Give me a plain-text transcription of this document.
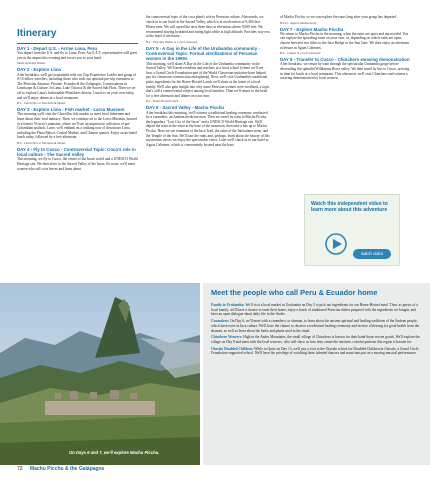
Itinerary
DAY 1 - Depart U.S. - Arrive Lima, Peru

You depart from the U.S. and fly to Lima, Peru. An O.A.T. representative will greet you at the airport this evening and escort you to your hotel.

Meals included: Dinner
DAY 2 - Explore Lima

After breakfast, we'll get acquainted with our Trip Experience Leader and group of 8-16 fellow travelers, including those who took our optional pre-trip extension to The Peruvian Amazon: Pristine, Ecuador & the Galapagos: Conversations in Landscape & Culture. In Lima, Lake Titicaca & the Sacred Salt Flats. Then we set off to explore Lima's fashionable Miraflores district. Lunch is on your own today, and we'll enjoy dinner at a local restaurant.

B,L - Lunch Nice to Eurobean & Dinner
DAY 3 - Explore Lima - Fish market - Larco Museum

This morning we'll visit the Chorrillos fish market to meet local fishermen and learn about their vital industry. Then, we continue on to the Larco Museum, housed in a former Viceroy's mansion, where we'll see an impressive collection of pre-Columbian artifacts. Later, we'll embark on a walking tour of downtown Lima, including the Plaza Mayor, Central Market, and Chinese quarter. Enjoy an included lunch today, followed by a free afternoon.

B,L - Lunch Nice to Eurobean & Dinner
DAY 4 - Fly to Cusco - Controversial Topic: Coca's role in local culture - The Sacred Valley

This morning, we fly to Cusco, the center of the Incan world and a UNESCO World Heritage site. We then drive to the Sacred Valley of the Incas. En route, we'll meet women who sell coca leaves and learn about

the controversial topic of the coca plant's role in Peruvian culture. Afterwards, we check in to our hotel in the Sacred Valley, which is at an elevation of 9,400 feet.

Please note: We will spend the next three days at elevations above 9,000 feet. We recommend staying hydrated and eating light while at high altitude. Provides way rest at the hotel if necessary.

B,L - Welcome Dinner at a local restaurant
DAY 5 - A Day in the Life of the Urubamba community - Controversial Topic: Formal sterilizations of Peruvian women in the 1990s

This morning, we'll share A Day in the Life of the Urubamba community in the Sacred Valley. We'll meet residents and teachers at a local school (where we'll see how a Grand Circle Foundation-part of the World Classroom initiative-have helped pay for classroom construction and upkeep). Next, we'll visit Urubamba's traditional pisko ingredients for the Home-Hosted Lunch we'll share at the home of a local family. We'll also gain insight into why some Peruvian women were sterilized, a topic that's still a controversial subject among local families. Then we'll return to the hotel for a free afternoon and dinner on your own.

B,L - Home-Hosted Lunch
DAY 6 - Sacred Valley - Machu Picchu

After breakfast this morning, we'll witness a traditional healing ceremony conducted by a curandero, an Andean medicine man. Then we travel by train to Machu Picchu, the legendary "Lost City of the Incas" and a UNESCO World Heritage site. We'll depart the train in the town at the base of the mountain, then take a bus up to Machu Picchu. Here we see remnants of the Inca Trail, the ruins of the Intiwatana stone, and the Temple of the Sun. We'll tour the ruins and, perhaps, learn about the history of this mysterious site as we enjoy the spectacular views. Later we'll check in to our hotel in Aguas Calientes, which is conveniently located near the base

of Machu Picchu, so we can explore the ruins long after your group has departed.

B,L,D - Aguas Calientes hotel
DAY 7 - Explore Machu Picchu

We return to Machu Picchu in the morning, when the ruins are quiet and uncrowded. You can explore the sprawling ruins on your own, or, depending on which trails are open, choose between two hikes to the Inca Bridge or the Sun Gate. We then enjoy an afternoon at leisure in Aguas Calientes.

B,L - Cuisine in a local restaurant
DAY 8 - Transfer to Cusco - Chinchero weaving demonstration

After breakfast, we return by train through the spectacular Urubamba gorge before descending the splendid Willkanota River valley. We then travel by bus to Cusco, arriving in time for lunch at a local restaurant. This afternoon, we'll visit Chinchero and witness a weaving demonstration by local women.

Watch this independent video to learn more about this adventure
watch video
On Days 6 and 7, we'll explore Machu Picchu.
Meet the people who call Peru & Ecuador home

Family in Urubamba: We'll visit a local market in Urubamba on Day 5 to pick out ingredients for our Home-Hosted meal. Then, as guests of a local family, we'll have a chance to enter their home, enjoy a lunch of traditional Peruvian dishes prepared with the ingredients we bought, and have an open dialogue about daily life in the Andes.

Curandero: On Day 6, we'll meet with a curandero, or shaman, to learn about the ancient spiritual and healing traditions of the Andean people, which have roots in Inca culture. We'll have the chance to observe a traditional healing ceremony and receive a blessing for good health from the shaman, as well as learn about the herbs and plants used in the ritual.

Chinchero Weavers: High in the Andes Mountains, the small village of Chinchero is known for their hand-loom woven goods. We'll explore the village on Day 8 and meet with the local weavers, who will show us how they create the intricate, colorful patterns this region is known for.

Otavalo Disabled Children: While in Quito on Day 13, we'll pay a visit to the Otavalo school for Disabled Children in Otavalo, a Grand Circle Foundation-supported school. We'll have the privilege of watching these talented dancers and musicians put on a moving musical performance.

72 Machu Picchu & the Galápagos
